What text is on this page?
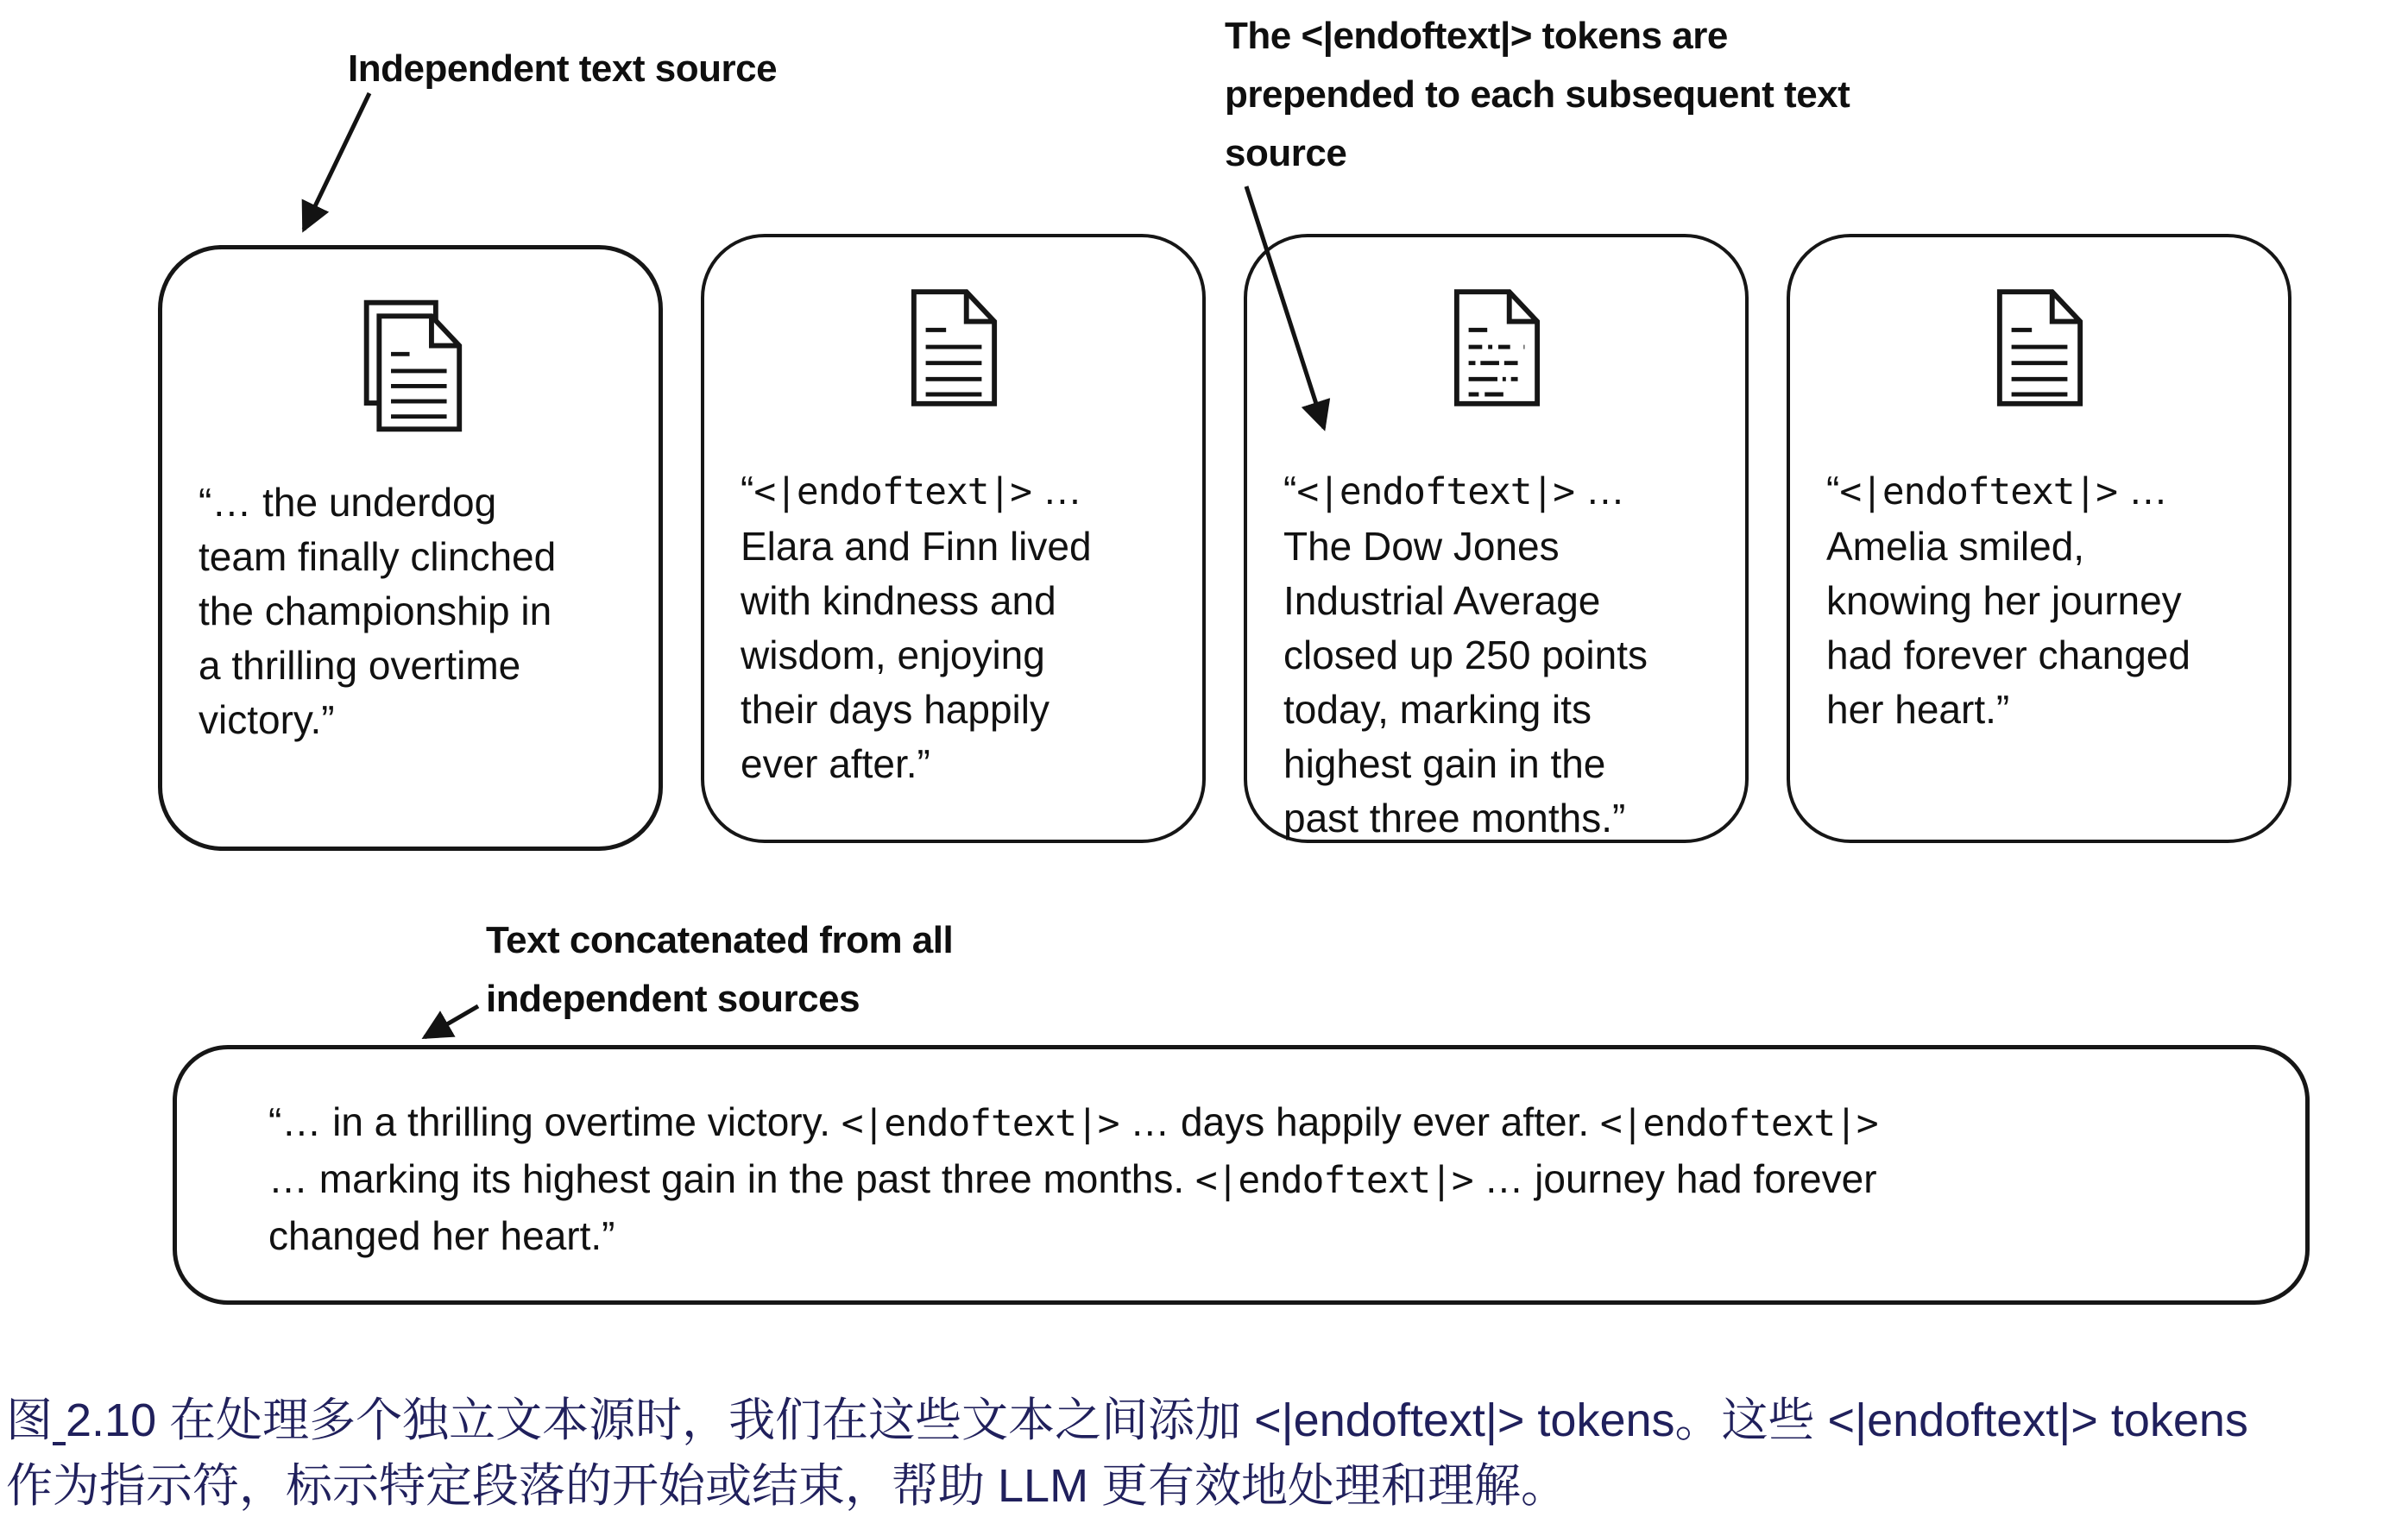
Independent text source
The <|endoftext|> tokens are
prepended to each subsequent text
source
Text concatenated from all
independent sources
“… the underdog
team finally clinched
the championship in
a thrilling overtime
victory.”
“<|endoftext|> …
Elara and Finn lived
with kindness and
wisdom, enjoying
their days happily
ever after.”
“<|endoftext|> …
The Dow Jones
Industrial Average
closed up 250 points
today, marking its
highest gain in the
past three months.”
“<|endoftext|> …
Amelia smiled,
knowing her journey
had forever changed
her heart.”
“… in a thrilling overtime victory. <|endoftext|> … days happily ever after. <|endoftext|>
… marking its highest gain in the past three months. <|endoftext|> … journey had forever
changed her heart.”
图 2.10 在处理多个独立文本源时，我们在这些文本之间添加 <|endoftext|> tokens。这些 <|endoftext|> tokens
作为指示符，标示特定段落的开始或结束，帮助 LLM 更有效地处理和理解。
